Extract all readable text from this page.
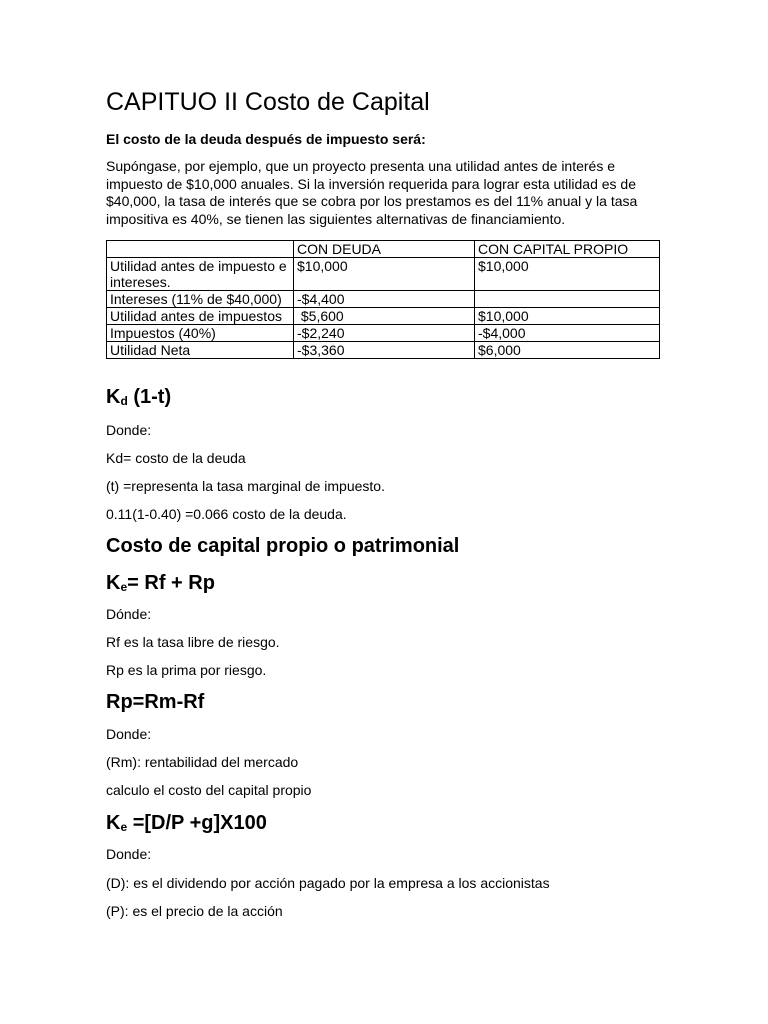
CAPITUO II Costo de Capital

El costo de la deuda después de impuesto será:

Supóngase, por ejemplo, que un proyecto presenta una utilidad antes de interés e impuesto de $10,000 anuales. Si la inversión requerida para lograr esta utilidad es de $40,000, la tasa de interés que se cobra por los prestamos es del 11% anual y la tasa impositiva es 40%, se tienen las siguientes alternativas de financiamiento.

	CON DEUDA	CON CAPITAL PROPIO
Utilidad antes de impuesto e intereses.	$10,000	$10,000
Intereses (11% de $40,000)	-$4,400	
Utilidad antes de impuestos	$5,600	$10,000
Impuestos (40%)	-$2,240	-$4,000
Utilidad Neta	-$3,360	$6,000
$K_d$ (1-t)

Donde:

Kd= costo de la deuda

(t) =representa la tasa marginal de impuesto.

0.11(1-0.40) =0.066 costo de la deuda.

Costo de capital propio o patrimonial
$K_e= Rf + Rp$

Dónde:

Rf es la tasa libre de riesgo.

Rp es la prima por riesgo.

Rp=Rm-Rf

Donde:

(Rm): rentabilidad del mercado

calculo el costo del capital propio

$K_e =[D/P +g]X100$

Donde:

(D): es el dividendo por acción pagado por la empresa a los accionistas

(P): es el precio de la acción
